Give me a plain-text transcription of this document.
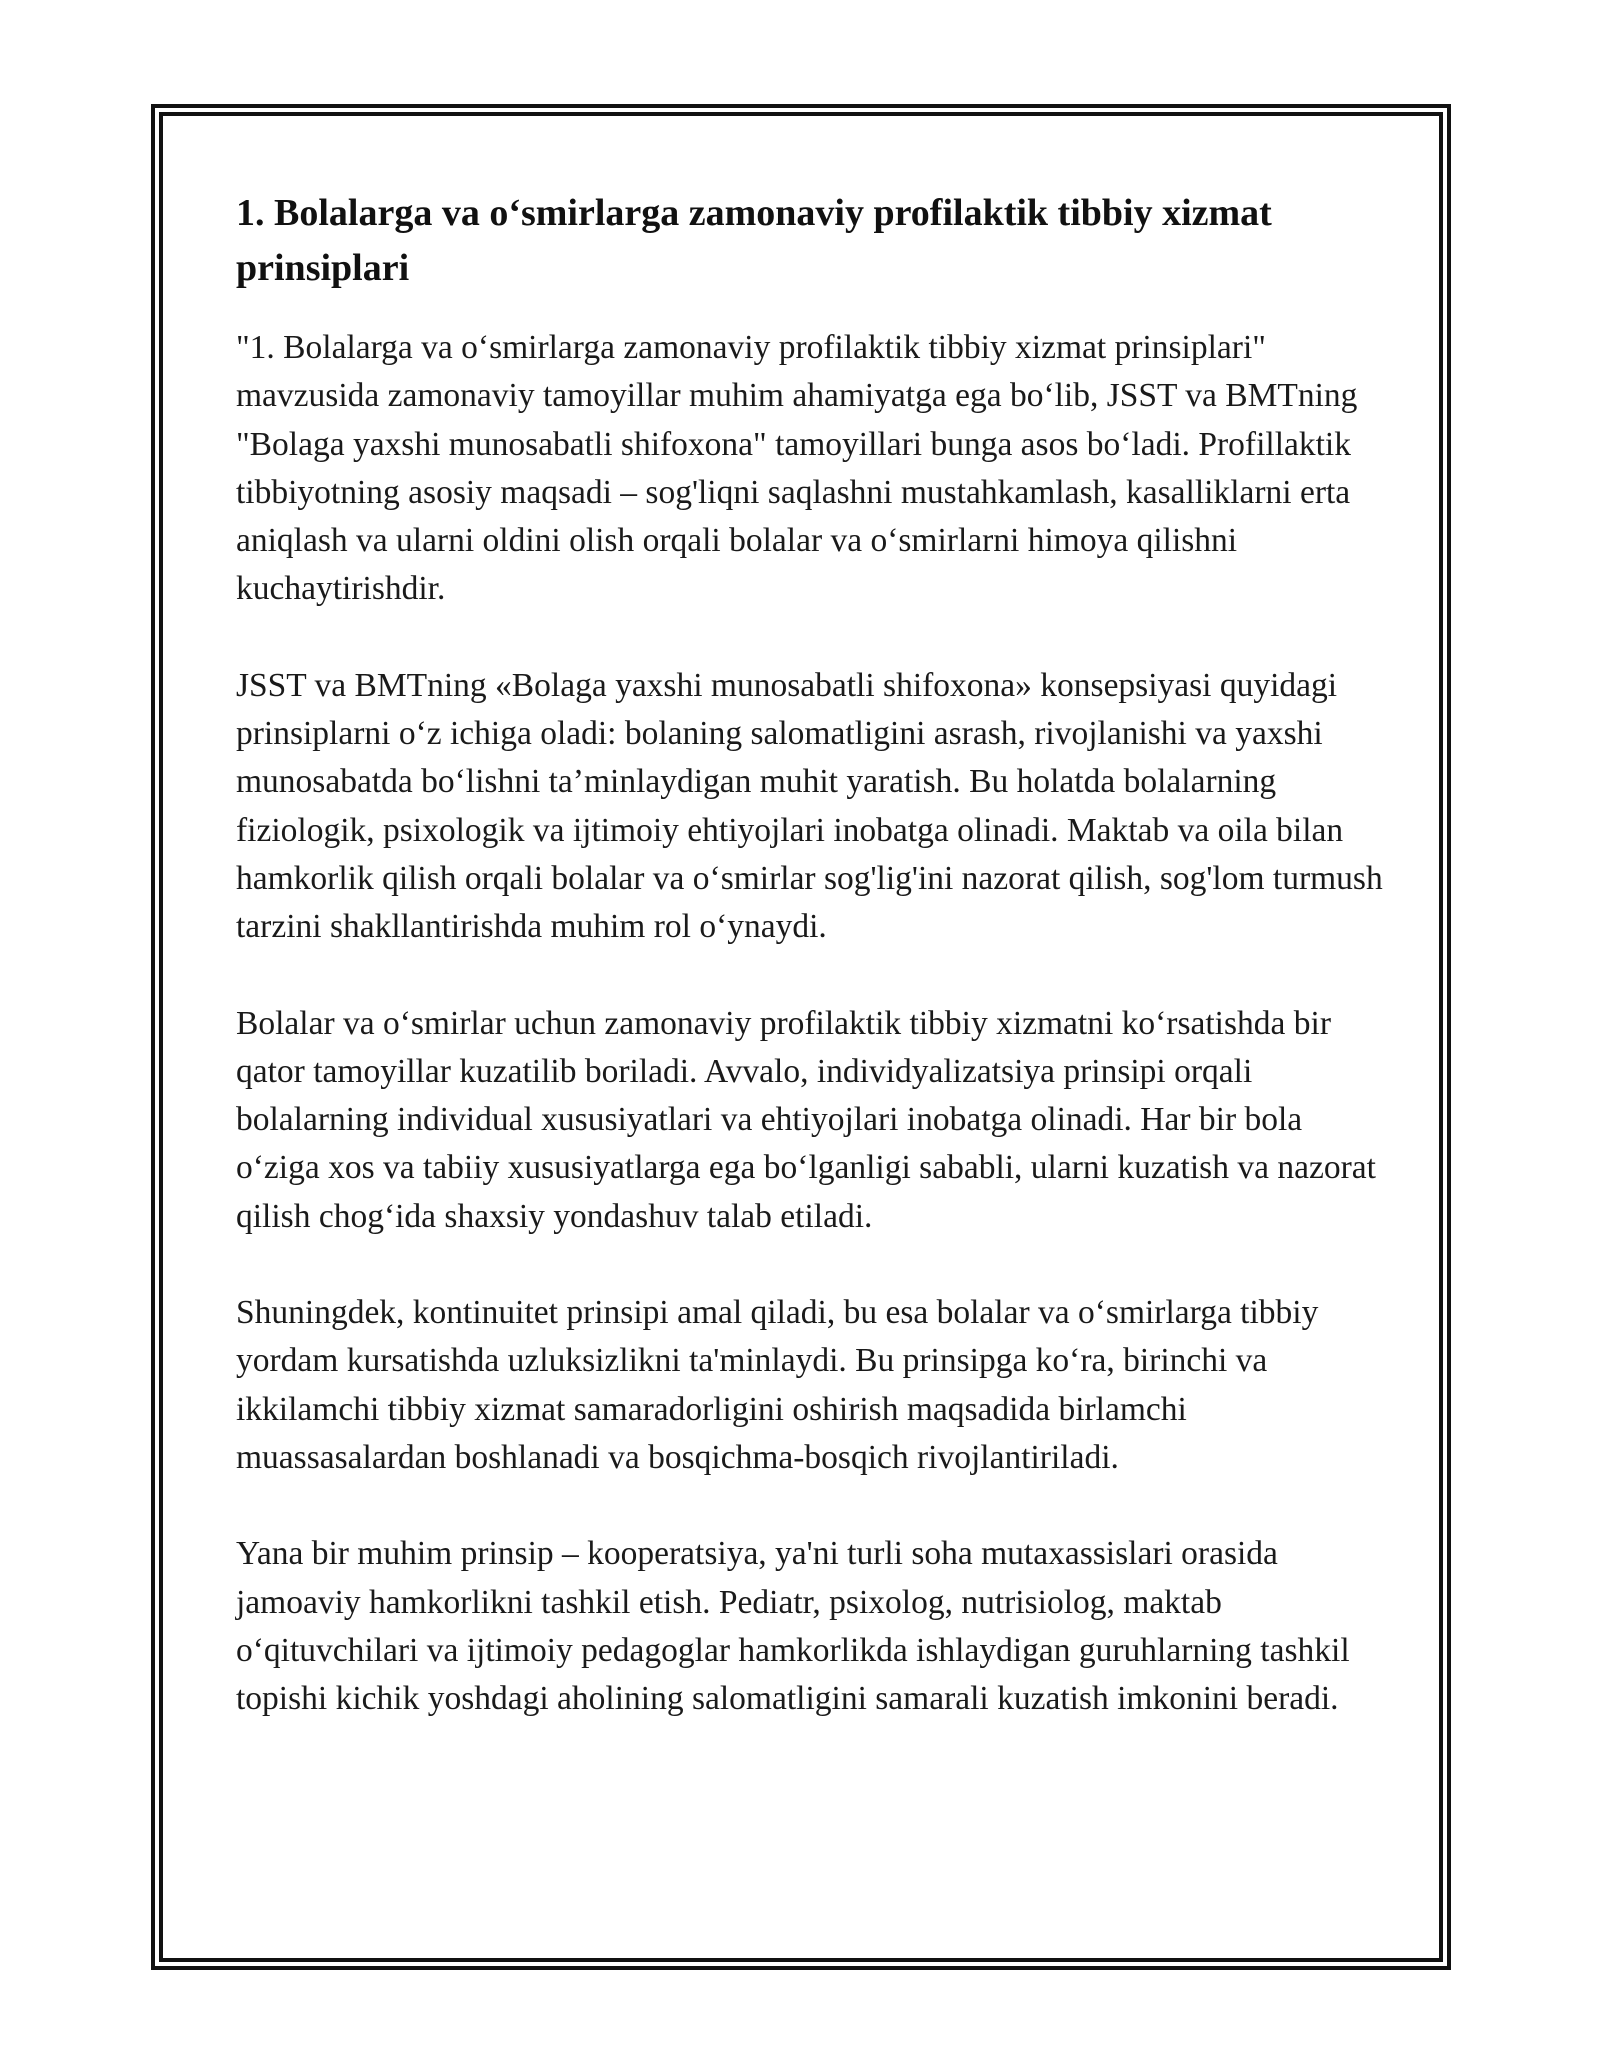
1. Bolalarga va o‘smirlarga zamonaviy profilaktik tibbiy xizmat prinsiplari

"1. Bolalarga va o‘smirlarga zamonaviy profilaktik tibbiy xizmat prinsiplari" mavzusida zamonaviy tamoyillar muhim ahamiyatga ega bo‘lib, JSST va BMTning "Bolaga yaxshi munosabatli shifoxona" tamoyillari bunga asos bo‘ladi. Profillaktik tibbiyotning asosiy maqsadi – sog'liqni saqlashni mustahkamlash, kasalliklarni erta aniqlash va ularni oldini olish orqali bolalar va o‘smirlarni himoya qilishni kuchaytirishdir.

JSST va BMTning «Bolaga yaxshi munosabatli shifoxona» konsepsiyasi quyidagi prinsiplarni o‘z ichiga oladi: bolaning salomatligini asrash, rivojlanishi va yaxshi munosabatda bo‘lishni ta’minlaydigan muhit yaratish. Bu holatda bolalarning fiziologik, psixologik va ijtimoiy ehtiyojlari inobatga olinadi. Maktab va oila bilan hamkorlik qilish orqali bolalar va o‘smirlar sog'lig'ini nazorat qilish, sog'lom turmush tarzini shakllantirishda muhim rol o‘ynaydi.

Bolalar va o‘smirlar uchun zamonaviy profilaktik tibbiy xizmatni ko‘rsatishda bir qator tamoyillar kuzatilib boriladi. Avvalo, individyalizatsiya prinsipi orqali bolalarning individual xususiyatlari va ehtiyojlari inobatga olinadi. Har bir bola o‘ziga xos va tabiiy xususiyatlarga ega bo‘lganligi sababli, ularni kuzatish va nazorat qilish chog‘ida shaxsiy yondashuv talab etiladi.

Shuningdek, kontinuitet prinsipi amal qiladi, bu esa bolalar va o‘smirlarga tibbiy yordam kursatishda uzluksizlikni ta'minlaydi. Bu prinsipga ko‘ra, birinchi va ikkilamchi tibbiy xizmat samaradorligini oshirish maqsadida birlamchi muassasalardan boshlanadi va bosqichma-bosqich rivojlantiriladi.

Yana bir muhim prinsip – kooperatsiya, ya'ni turli soha mutaxassislari orasida jamoaviy hamkorlikni tashkil etish. Pediatr, psixolog, nutrisiolog, maktab o‘qituvchilari va ijtimoiy pedagoglar hamkorlikda ishlaydigan guruhlarning tashkil topishi kichik yoshdagi aholining salomatligini samarali kuzatish imkonini beradi.
